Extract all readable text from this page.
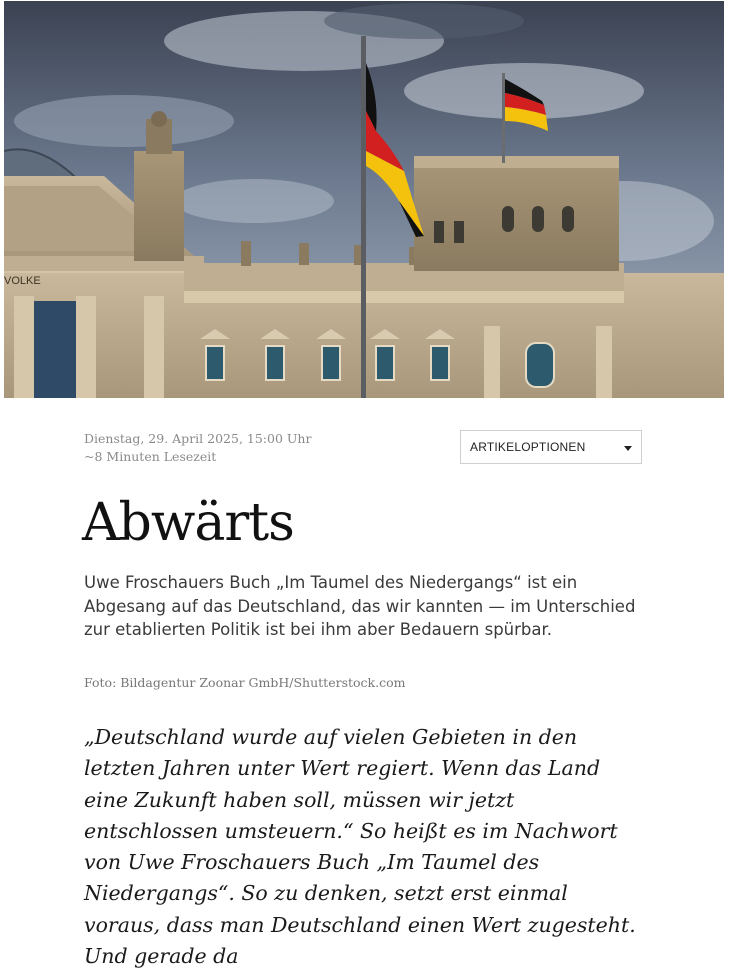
VOLKE
Dienstag, 29. April 2025, 15:00 Uhr
~8 Minuten Lesezeit
ARTIKELOPTIONEN
Abwärts

Uwe Froschauers Buch „Im Taumel des Niedergangs“ ist ein Abgesang auf das Deutschland, das wir kannten — im Unterschied zur etablierten Politik ist bei ihm aber Bedauern spürbar.

Foto: Bildagentur Zoonar GmbH/Shutterstock.com

„Deutschland wurde auf vielen Gebieten in den letzten Jahren unter Wert regiert. Wenn das Land eine Zukunft haben soll, müssen wir jetzt entschlossen umsteuern.“ So heißt es im Nachwort von Uwe Froschauers Buch „Im Taumel des Niedergangs“. So zu denken, setzt erst einmal voraus, dass man Deutschland einen Wert zugesteht. Und gerade da
